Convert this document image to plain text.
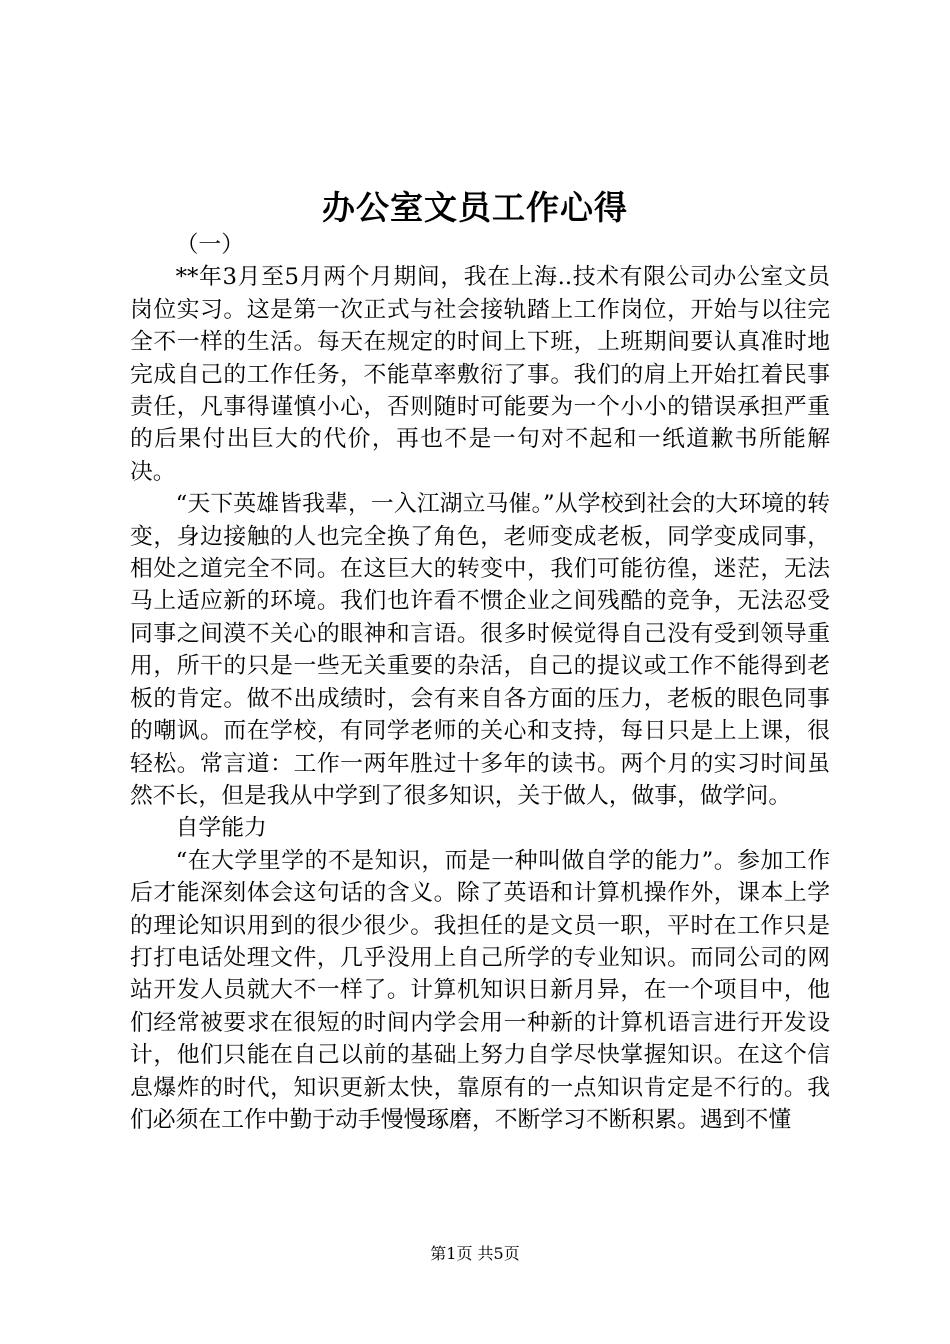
办公室文员工作心得

（一）

**年3月至5月两个月期间，我在上海..技术有限公司办公室文员岗位实习。这是第一次正式与社会接轨踏上工作岗位，开始与以往完全不一样的生活。每天在规定的时间上下班，上班期间要认真准时地完成自己的工作任务，不能草率敷衍了事。我们的肩上开始扛着民事责任，凡事得谨慎小心，否则随时可能要为一个小小的错误承担严重的后果付出巨大的代价，再也不是一句对不起和一纸道歉书所能解决。

“天下英雄皆我辈，一入江湖立马催。”从学校到社会的大环境的转变，身边接触的人也完全换了角色，老师变成老板，同学变成同事，相处之道完全不同。在这巨大的转变中，我们可能彷徨，迷茫，无法马上适应新的环境。我们也许看不惯企业之间残酷的竞争，无法忍受同事之间漠不关心的眼神和言语。很多时候觉得自己没有受到领导重用，所干的只是一些无关重要的杂活，自己的提议或工作不能得到老板的肯定。做不出成绩时，会有来自各方面的压力，老板的眼色同事的嘲讽。而在学校，有同学老师的关心和支持，每日只是上上课，很轻松。常言道：工作一两年胜过十多年的读书。两个月的实习时间虽然不长，但是我从中学到了很多知识，关于做人，做事，做学问。

自学能力

“在大学里学的不是知识，而是一种叫做自学的能力”。参加工作后才能深刻体会这句话的含义。除了英语和计算机操作外，课本上学的理论知识用到的很少很少。我担任的是文员一职，平时在工作只是打打电话处理文件，几乎没用上自己所学的专业知识。而同公司的网站开发人员就大不一样了。计算机知识日新月异，在一个项目中，他们经常被要求在很短的时间内学会用一种新的计算机语言进行开发设计，他们只能在自己以前的基础上努力自学尽快掌握知识。在这个信息爆炸的时代，知识更新太快，靠原有的一点知识肯定是不行的。我们必须在工作中勤于动手慢慢琢磨，不断学习不断积累。遇到不懂

第1页 共5页
